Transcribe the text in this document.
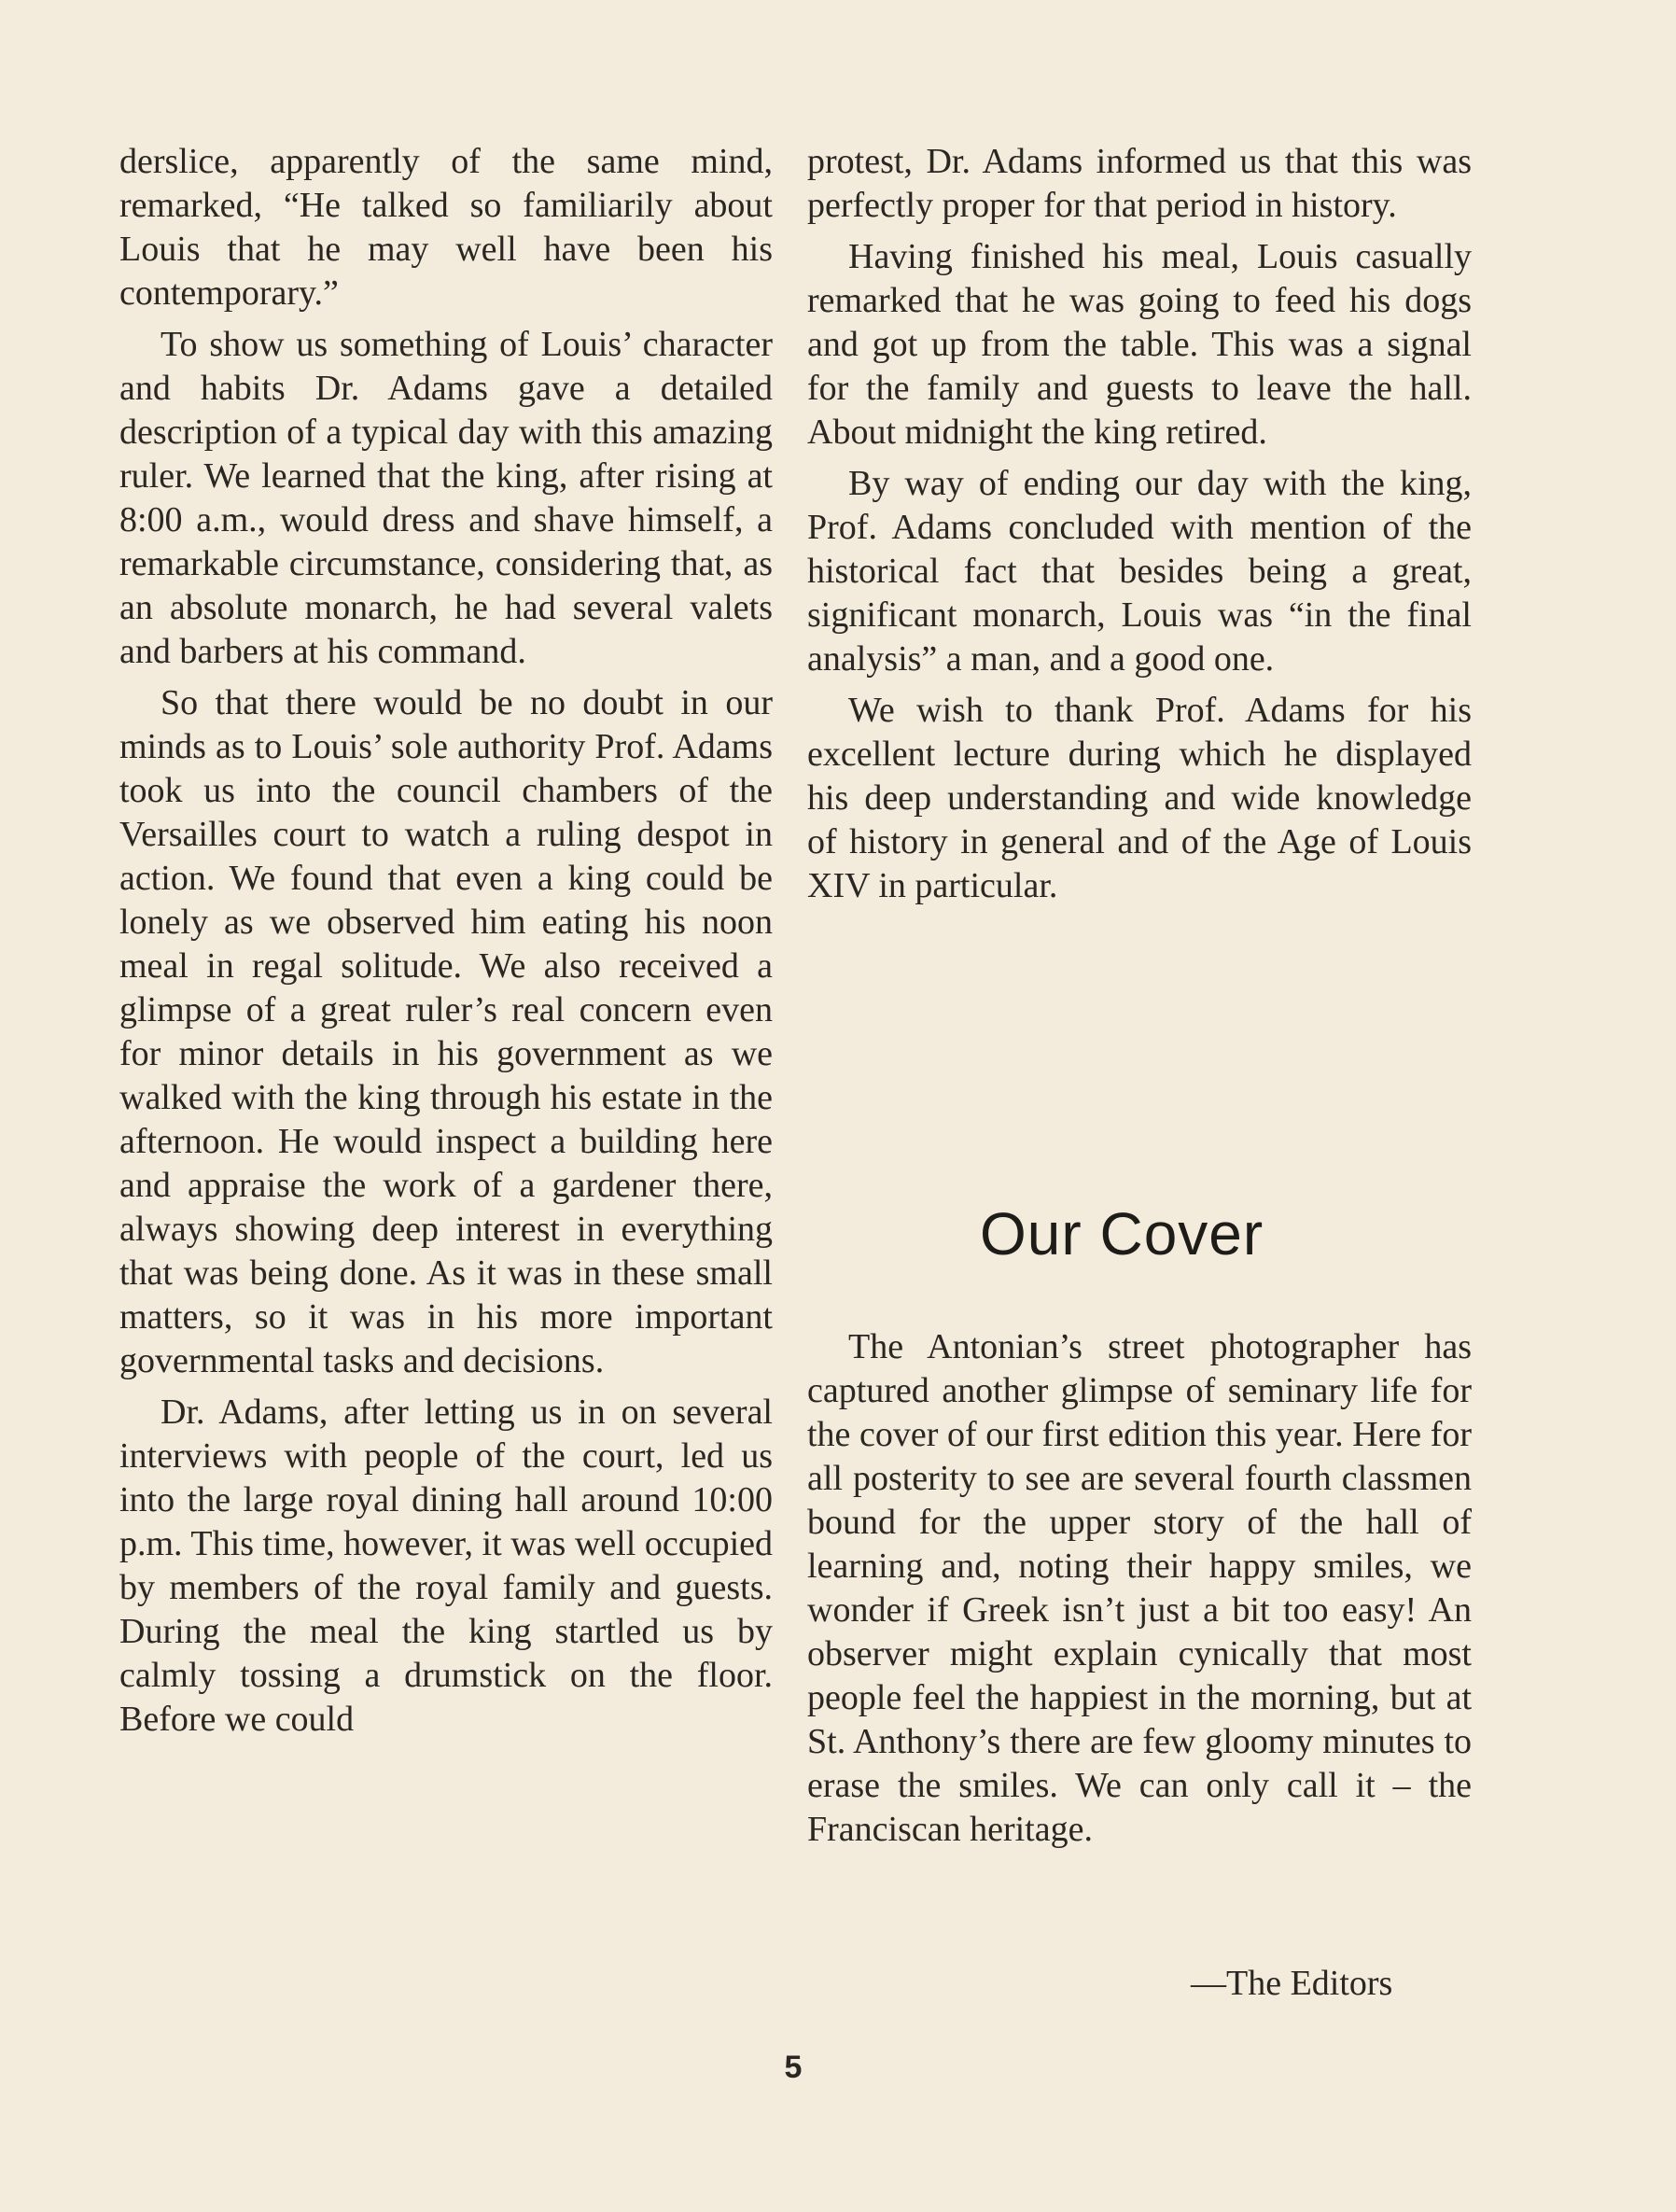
derslice, apparently of the same mind, remarked, “He talked so familiarily about Louis that he may well have been his contemporary.”

To show us something of Louis’ character and habits Dr. Adams gave a detailed description of a typical day with this amazing ruler. We learned that the king, after rising at 8:00 a.m., would dress and shave himself, a remarkable circumstance, considering that, as an absolute monarch, he had several valets and barbers at his command.

So that there would be no doubt in our minds as to Louis’ sole authority Prof. Adams took us into the council chambers of the Versailles court to watch a ruling despot in action. We found that even a king could be lonely as we observed him eating his noon meal in regal solitude. We also received a glimpse of a great ruler’s real concern even for minor details in his government as we walked with the king through his estate in the afternoon. He would inspect a building here and appraise the work of a gardener there, always showing deep interest in everything that was being done. As it was in these small matters, so it was in his more important governmental tasks and decisions.

Dr. Adams, after letting us in on several interviews with people of the court, led us into the large royal dining hall around 10:00 p.m. This time, however, it was well occupied by members of the royal family and guests. During the meal the king startled us by calmly tossing a drumstick on the floor. Before we could

protest, Dr. Adams informed us that this was perfectly proper for that period in history.

Having finished his meal, Louis casually remarked that he was going to feed his dogs and got up from the table. This was a signal for the family and guests to leave the hall. About midnight the king retired.

By way of ending our day with the king, Prof. Adams concluded with mention of the historical fact that besides being a great, significant monarch, Louis was “in the final analysis” a man, and a good one.

We wish to thank Prof. Adams for his excellent lecture during which he displayed his deep understanding and wide knowledge of history in general and of the Age of Louis XIV in particular.

Our Cover

The Antonian’s street photographer has captured another glimpse of seminary life for the cover of our first edition this year. Here for all posterity to see are several fourth classmen bound for the upper story of the hall of learning and, noting their happy smiles, we wonder if Greek isn’t just a bit too easy! An observer might explain cynically that most people feel the happiest in the morning, but at St. Anthony’s there are few gloomy minutes to erase the smiles. We can only call it – the Franciscan heritage.

—The Editors
5
